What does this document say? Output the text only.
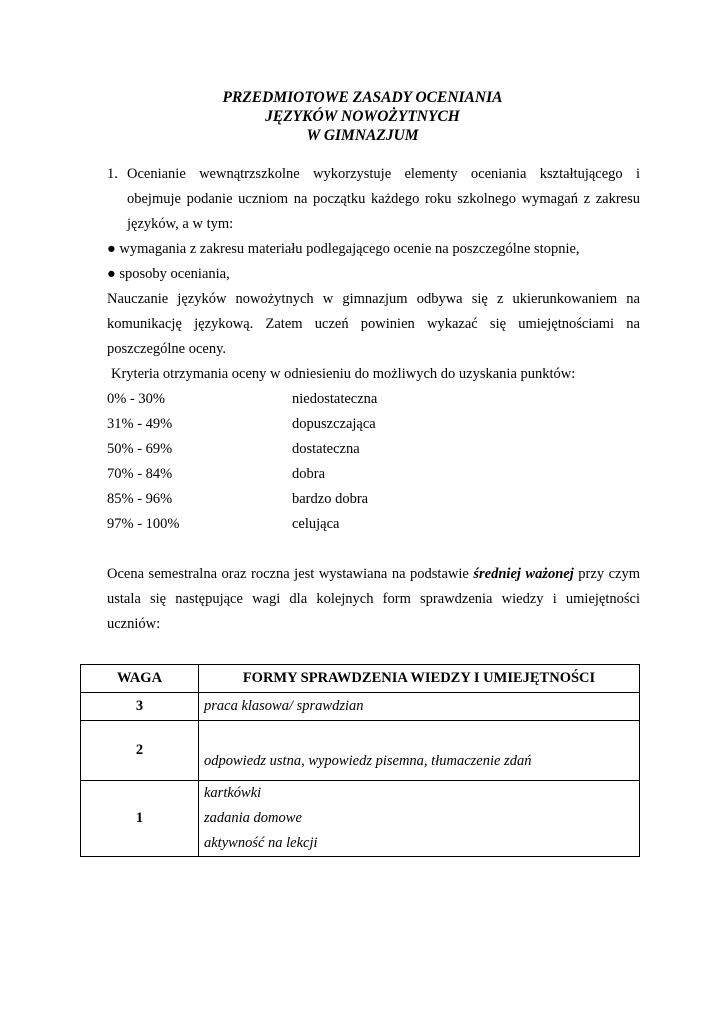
PRZEDMIOTOWE ZASADY OCENIANIA
JĘZYKÓW NOWOŻYTNYCH
W GIMNAZJUM
1. Ocenianie wewnątrzszkolne wykorzystuje elementy oceniania kształtującego i
obejmuje podanie uczniom na początku każdego roku szkolnego wymagań z zakresu
języków, a w tym:
● wymagania z zakresu materiału podlegającego ocenie na poszczególne stopnie,
● sposoby oceniania,
Nauczanie języków nowożytnych w gimnazjum odbywa się z ukierunkowaniem na
komunikację językową. Zatem uczeń powinien wykazać się umiejętnościami na
poszczególne oceny.
Kryteria otrzymania oceny w odniesieniu do możliwych do uzyskania punktów:
0% - 30%	niedostateczna
31% - 49%	dopuszczająca
50% - 69%	dostateczna
70% - 84%	dobra
85% - 96%	bardzo dobra
97% - 100%	celująca
Ocena semestralna oraz roczna jest wystawiana na podstawie średniej ważonej przy czym
ustala się następujące wagi dla kolejnych form sprawdzenia wiedzy i umiejętności
uczniów:
WAGA	FORMY SPRAWDZENIA WIEDZY I UMIEJĘTNOŚCI
3	praca klasowa/ sprawdzian
2	odpowiedz ustna, wypowiedz pisemna, tłumaczenie zdań
1	kartkówki
zadania domowe
aktywność na lekcji
